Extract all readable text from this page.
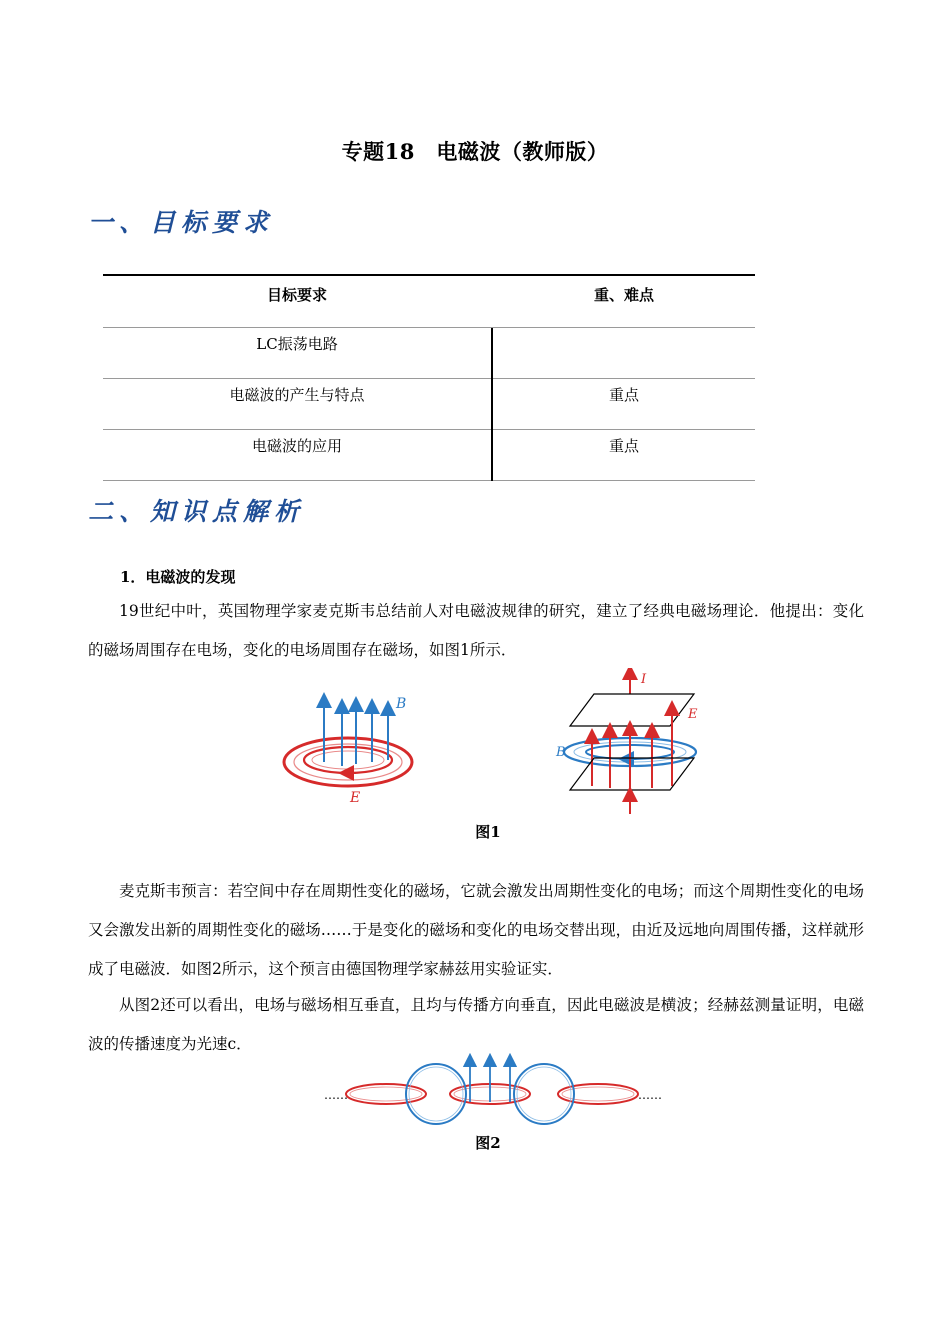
专题18　电磁波（教师版）
一、目标要求
目标要求	重、难点
LC振荡电路
电磁波的产生与特点	重点
电磁波的应用	重点
二、知识点解析
1．电磁波的发现
19世纪中叶，英国物理学家麦克斯韦总结前人对电磁波规律的研究，建立了经典电磁场理论．他提出：变化的磁场周围存在电场，变化的电场周围存在磁场，如图1所示．
B
E
I
E
B
图1
麦克斯韦预言：若空间中存在周期性变化的磁场，它就会激发出周期性变化的电场；而这个周期性变化的电场又会激发出新的周期性变化的磁场……于是变化的磁场和变化的电场交替出现，由近及远地向周围传播，这样就形成了电磁波．如图2所示，这个预言由德国物理学家赫兹用实验证实．
从图2还可以看出，电场与磁场相互垂直，且均与传播方向垂直，因此电磁波是横波；经赫兹测量证明，电磁波的传播速度为光速c．
……	……
图2
